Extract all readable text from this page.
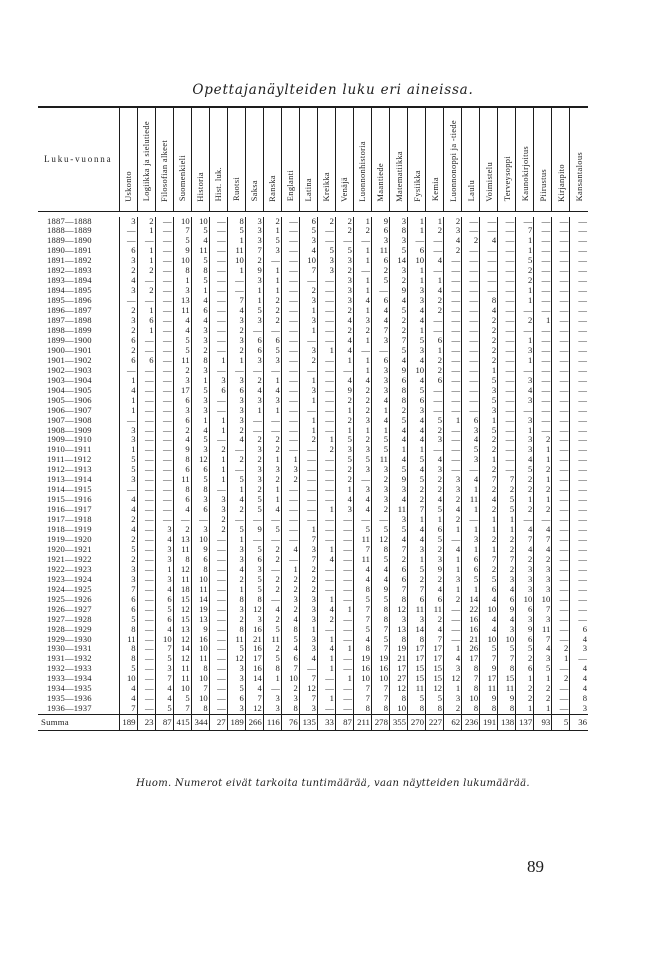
Opettajanäylteiden luku eri aineissa.
Luku-vuonna	Uskonto	Logiikka ja sielutiede	Filosofian alkeet	Suomenkieli	Historia	Hist. luk.	Ruotsi	Saksa	Ranska	Englanti	Latina	Kreikka	Venäjä	Luonnonhistoria	Maantiede	Matematiikka	Fysiikka	Kemia	Luonnonoppi ja -tiede	Laulu	Voimistelu	Terveysoppi	Kaunokirjoitus	Piirustus	Kirjanpito	Kansantalous

1887—1888	3	2	—	10	10	—	8	3	2	—	6	2	2	1	9	3	1	1	2	—	—	—	—	—	—	—
1888—1889	—	1	—	7	5	—	5	3	1	—	5	—	2	2	6	8	1	2	3	—	—	—	7	—	—	—
1889—1890	—	—	—	5	4	—	1	3	5	—	3	—	—	—	3	3	—	—	4	2	4	—	1	—	—	—
1890—1891	6	1	—	9	11	—	11	7	3	—	4	5	5	1	11	5	6	—	2	—	—	—	1	—	—	—
1891—1892	3	1	—	10	5	—	10	2	—	—	10	3	3	1	6	14	10	4	—	—	—	—	5	—	—	—
1892—1893	2	2	—	8	8	—	1	9	1	—	7	3	2	—	2	3	1	—	—	—	—	—	2	—	—	—
1893—1894	4	—	—	1	5	—	—	3	1	—	—	—	3	1	5	2	1	1	—	—	—	—	2	—	—	—
1894—1895	3	2	—	3	1	—	—	1	1	—	2	—	3	1	—	9	3	4	—	—	—	—	1	—	—	—
1895—1896	—	—	—	13	4	—	7	1	2	—	3	—	3	4	6	4	3	2	—	—	8	—	1	—	—	—
1896—1897	2	1	—	11	6	—	4	5	2	—	1	—	2	1	4	5	4	2	—	—	4	—	—	—	—	—
1897—1898	3	6	—	4	4	—	3	3	2	—	3	—	4	3	4	2	4	—	—	—	2	—	2	1	—	—
1898—1899	2	1	—	4	3	—	2	—	—	—	1	—	2	2	7	2	1	—	—	—	2	—	—	—	—	—
1899—1900	6	—	—	5	3	—	3	6	6	—	—	—	4	1	3	7	5	6	—	—	2	—	1	—	—	—
1900—1901	2	—	—	5	2	—	2	6	5	—	3	1	4	—	—	5	3	1	—	—	2	—	3	—	—	—
1901—1902	6	6	—	11	8	1	1	3	3	—	2	—	1	1	6	4	4	2	—	—	2	—	1	—	—	—
1902—1903	—	—	—	2	3	—	—	—	—	—	—	—	—	1	3	9	10	2	—	—	1	—	—	—	—	—
1903—1904	1	—	—	3	1	3	3	2	1	—	1	—	4	4	3	6	4	6	—	—	5	—	3	—	—	—
1904—1905	4	—	—	17	5	6	6	4	4	—	3	—	9	2	3	8	5	—	—	—	3	—	4	—	—	—
1905—1906	1	—	—	6	3	—	3	3	3	—	1	—	2	2	4	8	6	—	—	—	5	—	3	—	—	—
1906—1907	1	—	—	3	3	—	3	1	1	—	—	—	1	2	1	2	3	—	—	—	3	—	—	—	—	—
1907—1908	—	—	—	6	1	1	3	—	—	—	1	—	2	3	4	5	4	5	1	6	1	—	3	—	—	—
1908—1909	3	—	—	2	4	1	2	—	—	—	1	—	1	1	1	4	4	2	—	3	5	—	1	—	—	—
1909—1910	3	—	—	4	5	—	4	2	2	—	2	1	5	2	5	4	4	3	—	4	2	—	3	2	—	—
1910—1911	1	—	—	9	3	2	—	3	2	—	—	2	3	3	5	1	1	—	—	5	2	—	3	1	—	—
1911—1912	5	—	—	8	12	1	2	2	1	1	—	—	5	5	11	4	5	4	—	3	1	—	4	1	—	—
1912—1913	5	—	—	6	6	1	—	3	3	3	—	—	2	3	3	5	4	3	—	—	2	—	5	2	—	—
1913—1914	3	—	—	11	5	1	5	3	2	2	—	—	2	—	2	9	5	2	3	4	7	7	2	1	—	—
1914—1915	—	—	—	8	8	—	1	2	1	—	—	—	1	3	3	3	2	2	3	1	2	2	2	2	—	—
1915—1916	4	—	—	6	3	3	4	5	1	—	—	—	4	4	3	4	2	4	2	11	4	5	1	1	—	—
1916—1917	4	—	—	4	6	3	2	5	4	—	—	1	3	4	2	11	7	5	4	1	2	5	2	2	—	—
1917—1918	2	—	—	—	—	2	—	—	—	—	—	—	—	—	—	3	1	1	2	—	1	1	—	—	—	—
1918—1919	4	—	3	2	3	2	5	9	5	—	1	—	—	5	5	5	4	6	1	1	1	1	4	4	—	—
1919—1920	2	—	4	13	10	—	1	—	—	—	7	—	—	11	12	4	4	5	—	3	2	2	7	7	—	—
1920—1921	5	—	3	11	9	—	3	5	2	4	3	1	—	7	8	7	3	2	4	1	1	2	4	4	—	—
1921—1922	2	—	3	8	6	—	3	6	2	—	7	4	—	11	5	2	1	3	1	6	7	7	2	2	—	—
1922—1923	3	—	1	12	8	—	4	3	—	1	2	—	—	4	4	6	5	9	1	6	2	2	3	3	—	—
1923—1924	3	—	3	11	10	—	2	5	2	2	2	—	—	4	4	6	2	2	3	5	5	3	3	3	—	—
1924—1925	7	—	4	18	11	—	1	5	2	2	2	—	—	8	9	7	7	4	1	1	6	4	3	3	—	—
1925—1926	6	—	6	15	14	—	8	8	—	3	3	1	—	5	5	8	6	6	2	14	4	6	10	10	—	—
1926—1927	6	—	5	12	19	—	3	12	4	2	3	4	1	7	8	12	11	11	—	22	10	9	6	7	—	—
1927—1928	5	—	6	15	13	—	2	3	2	4	3	2	—	7	8	3	3	2	—	16	4	4	3	3	—	—
1928—1929	8	—	4	13	9	—	8	16	5	8	1	—	—	5	7	13	14	4	—	16	4	3	9	11	—	6
1929—1930	11	—	10	12	16	—	11	21	11	5	3	1	—	4	5	8	8	7	—	21	10	10	6	7	—	4
1930—1931	8	—	7	14	10	—	5	16	2	4	3	4	1	8	7	19	17	17	1	26	5	5	5	4	2	3
1931—1932	8	—	5	12	11	—	12	17	5	6	4	1	—	19	19	21	17	17	4	17	7	7	2	3	1	—
1932—1933	5	—	3	11	8	—	3	16	8	7	—	1	—	16	16	17	15	15	3	8	9	8	6	5	—	4
1933—1934	10	—	7	11	10	—	3	14	1	10	7	—	1	10	10	27	15	15	12	7	17	15	1	1	2	4
1934—1935	4	—	4	10	7	—	5	4	—	2	12	—	—	7	7	12	11	12	1	8	11	11	2	2	—	4
1935—1936	4	—	4	5	10	—	6	7	3	3	7	1	—	7	7	8	5	5	3	10	9	9	2	2	—	8
1936—1937	7	—	5	7	8	—	3	12	3	8	3	—	—	8	8	10	8	8	2	8	8	8	1	1	—	3
Summa	189	23	87	415	344	27	189	266	116	76	135	33	87	211	278	355	270	227	62	236	191	138	137	93	5	36
Huom. Numerot eivät tarkoita tuntimäärää, vaan näytteiden lukumäärää.
89
